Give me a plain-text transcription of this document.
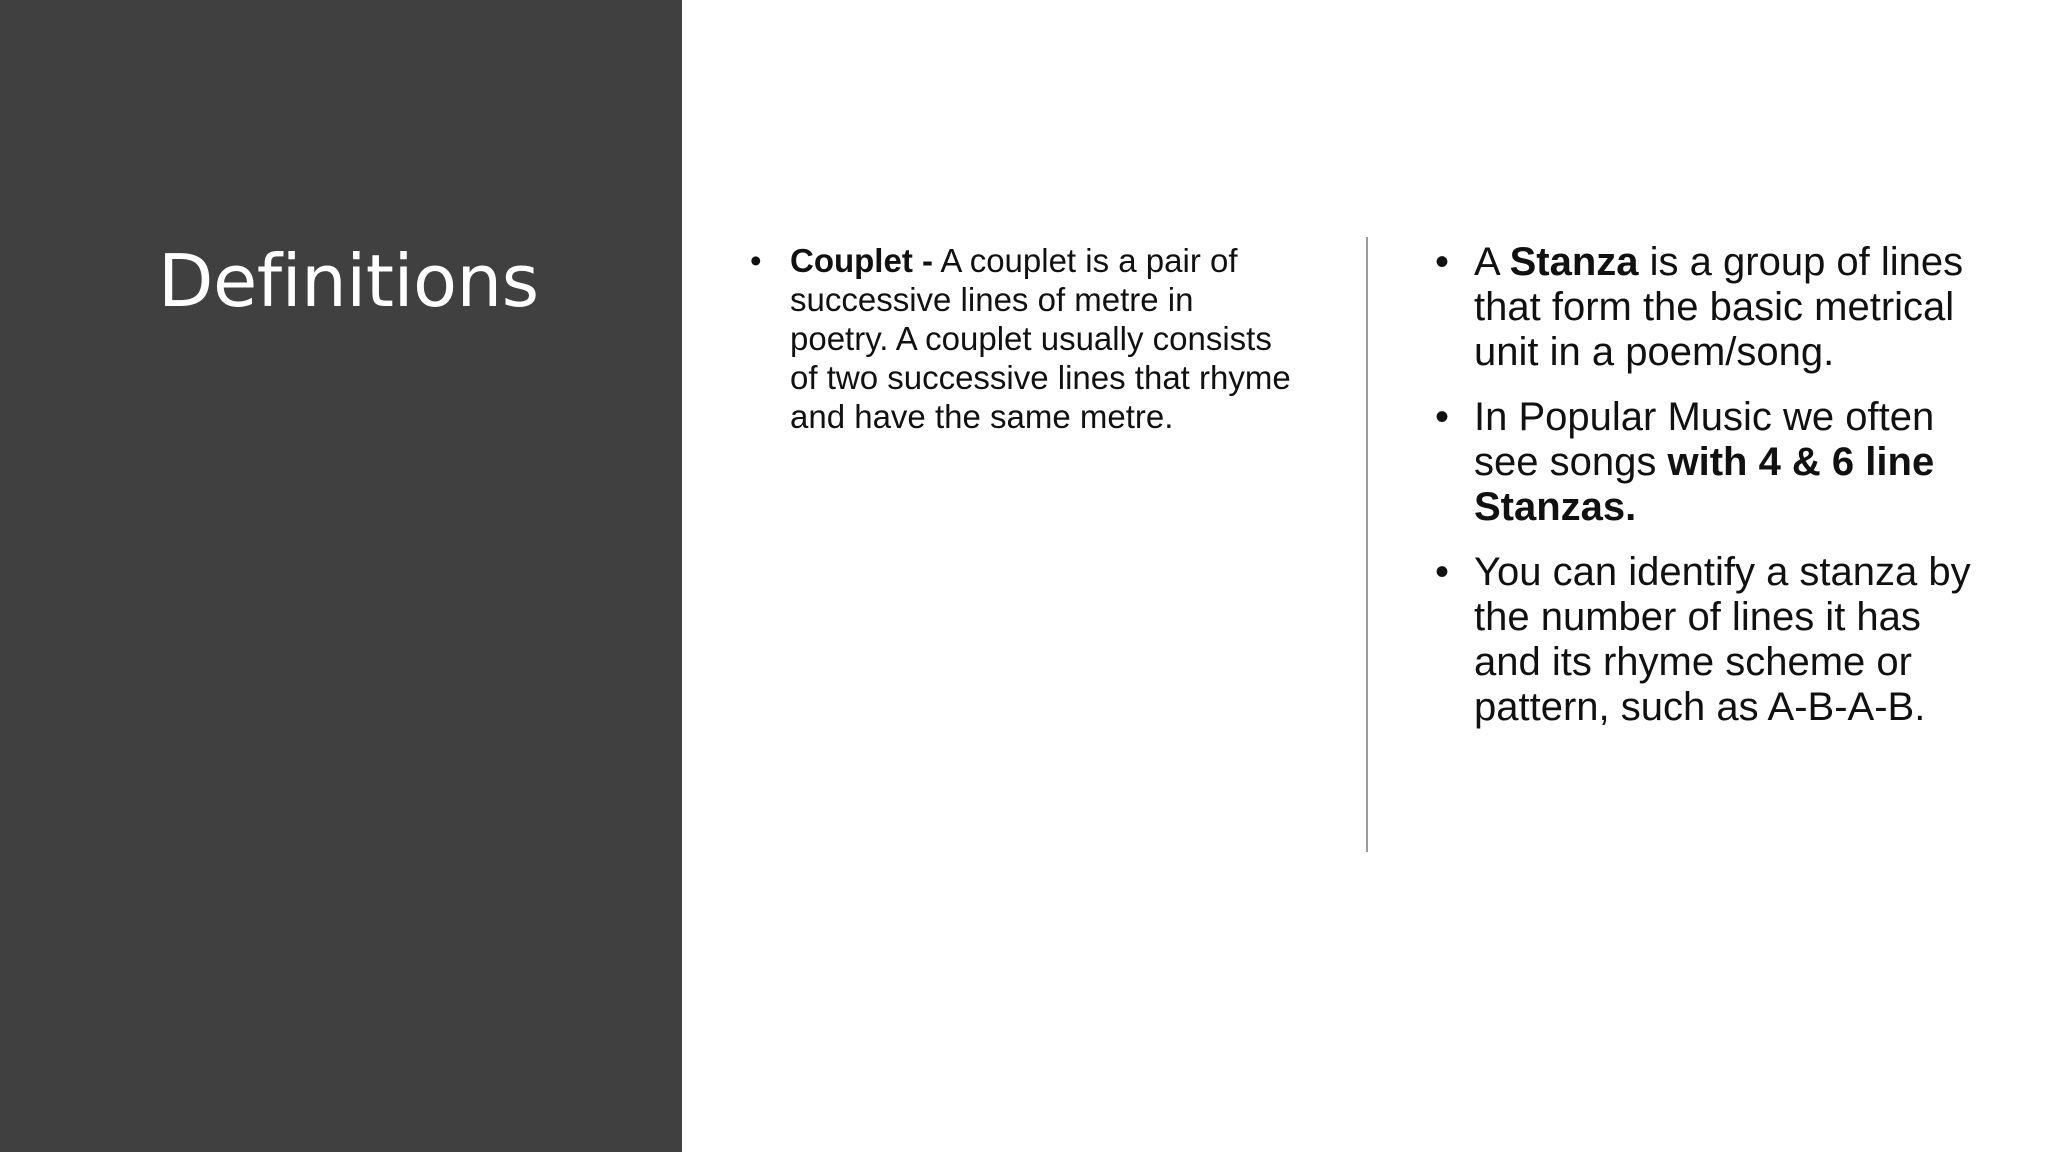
Definitions	• Couplet - A couplet is a pair of successive lines of metre in poetry. A couplet usually consists of two successive lines that rhyme and have the same metre.
• A Stanza is a group of lines that form the basic metrical unit in a poem/song.
• In Popular Music we often see songs with 4 & 6 line Stanzas.
• You can identify a stanza by the number of lines it has and its rhyme scheme or pattern, such as A-B-A-B.
